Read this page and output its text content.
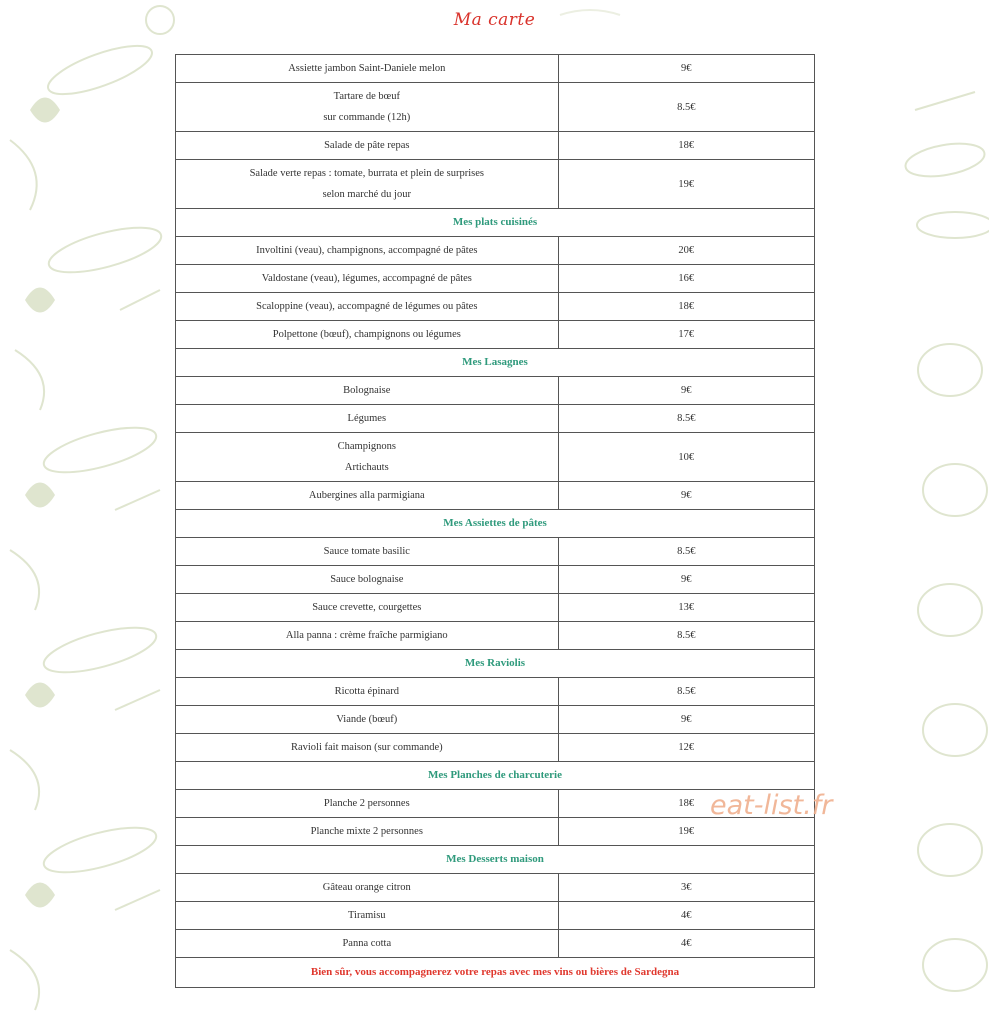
Ma carte
Assiette jambon Saint-Daniele melon	9€

Tartare de bœuf
sur commande (12h)	8.5€

Salade de pâte repas	18€

Salade verte repas : tomate, burrata et plein de surprises
selon marché du jour	19€
Mes plats cuisinés	

Involtini (veau), champignons, accompagné de pâtes	20€

Valdostane (veau), légumes, accompagné de pâtes	16€

Scaloppine (veau), accompagné de légumes ou pâtes	18€

Polpettone (bœuf), champignons ou légumes	17€
Mes Lasagnes	

Bolognaise	9€

Légumes	8.5€

Champignons
Artichauts	10€

Aubergines alla parmigiana	9€
Mes Assiettes de pâtes	

Sauce tomate basilic	8.5€

Sauce bolognaise	9€

Sauce crevette, courgettes	13€

Alla panna : crème fraîche parmigiano	8.5€
Mes Raviolis	

Ricotta épinard	8.5€

Viande (bœuf)	9€

Ravioli fait maison (sur commande)	12€
Mes Planches de charcuterie	

Planche 2 personnes	18€

Planche mixte 2 personnes	19€
Mes Desserts maison	

Gâteau orange citron	3€

Tiramisu	4€

Panna cotta	4€
Bien sûr, vous accompagnerez votre repas avec mes vins ou bières de Sardegna	
eat-list.fr
